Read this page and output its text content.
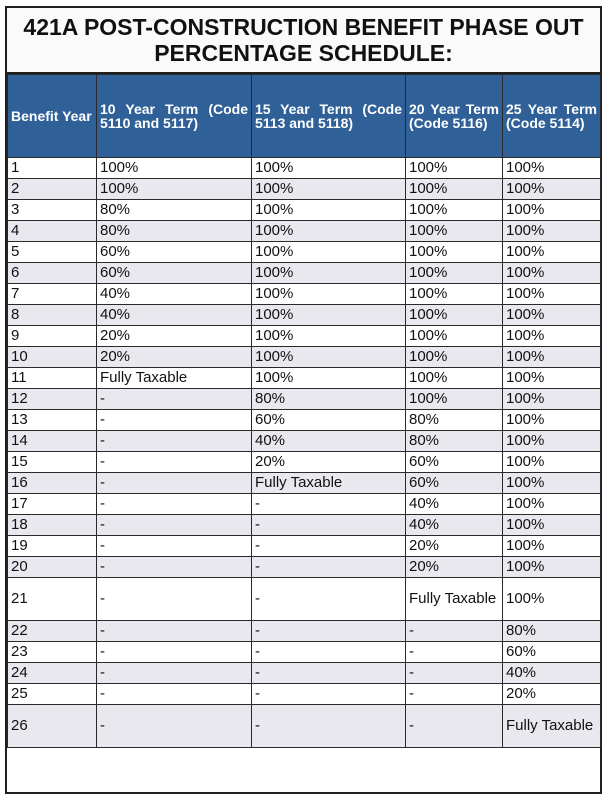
421A POST-CONSTRUCTION BENEFIT PHASE OUT
PERCENTAGE SCHEDULE:
Benefit Year	10 Year Term (Code 5110 and 5117)	15 Year Term (Code 5113 and 5118)	20 Year Term (Code 5116)	25 Year Term (Code 5114)
1	100%	100%	100%	100%
2	100%	100%	100%	100%
3	80%	100%	100%	100%
4	80%	100%	100%	100%
5	60%	100%	100%	100%
6	60%	100%	100%	100%
7	40%	100%	100%	100%
8	40%	100%	100%	100%
9	20%	100%	100%	100%
10	20%	100%	100%	100%
11	Fully Taxable	100%	100%	100%
12	-	80%	100%	100%
13	-	60%	80%	100%
14	-	40%	80%	100%
15	-	20%	60%	100%
16	-	Fully Taxable	60%	100%
17	-	-	40%	100%
18	-	-	40%	100%
19	-	-	20%	100%
20	-	-	20%	100%
21	-	-	Fully Taxable	100%
22	-	-	-	80%
23	-	-	-	60%
24	-	-	-	40%
25	-	-	-	20%
26	-	-	-	Fully Taxable
